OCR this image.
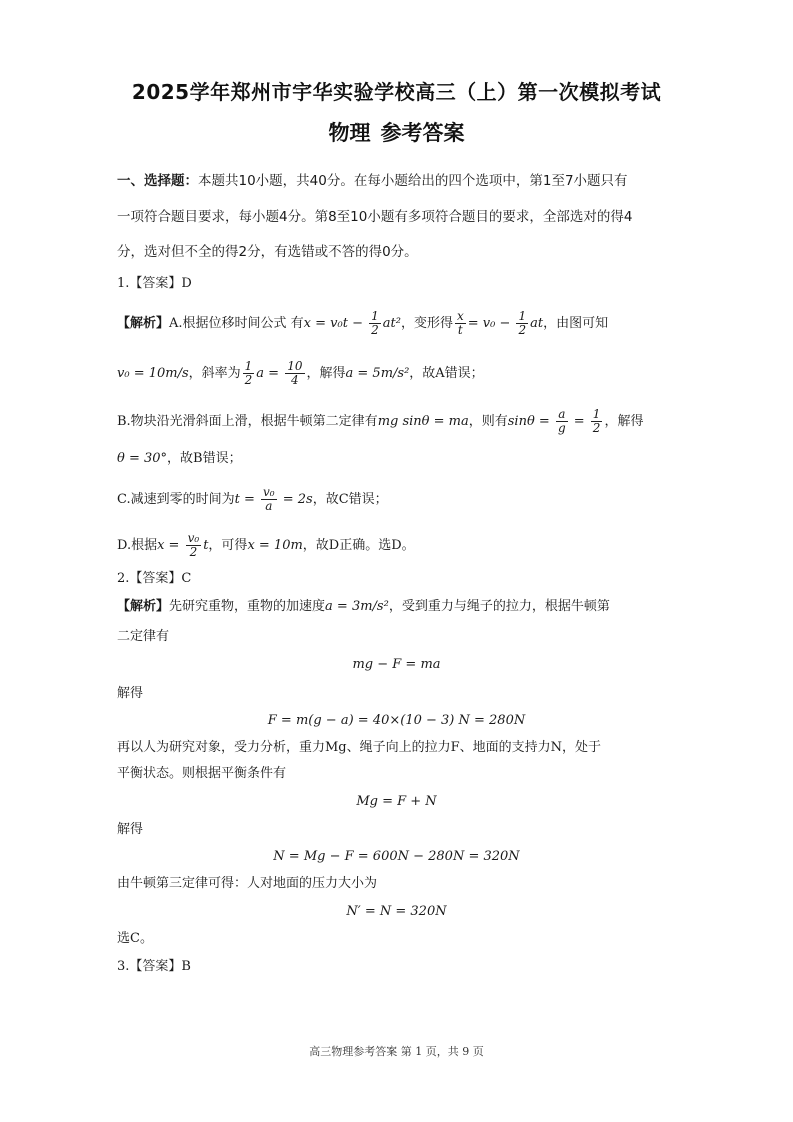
2025学年郑州市宇华实验学校高三（上）第一次模拟考试
物理 参考答案
一、选择题：本题共10小题，共40分。在每小题给出的四个选项中，第1至7小题只有
一项符合题目要求，每小题4分。第8至10小题有多项符合题目的要求，全部选对的得4
分，选对但不全的得2分，有选错或不答的得0分。
1.【答案】D
【解析】A.根据位移时间公式 有$x = v_0t - \frac{1}{2} at^2$，变形得 $\frac{x}{t} = v_0 - \frac{1}{2}$ at，由图可知
v₀ = 10m/s，斜率为 $\frac{1}{2}$ $a = \frac{10}{4}$ ，解得a = 5m/s²，故A错误；
B.物块沿光滑斜面上滑，根据牛顿第二定律有mg sinθ = ma，则有$\sin\theta = \frac{a}{g} = \frac{1}{2}$ ，解得
θ = 30°，故B错误；
C.减速到零的时间为$t = \frac{\text{v₀}}{a} = 2s$，故C错误；
D.根据$x = \frac{\text{v₀}}{2}$ t，可得x = 10m，故D正确。选D。
2.【答案】C
【解析】先研究重物，重物的加速度a = 3m/s²，受到重力与绳子的拉力，根据牛顿第
二定律有
mg − F = ma
解得
F = m(g − a) = 40×(10 − 3) N = 280N
再以人为研究对象，受力分析，重力Mg、绳子向上的拉力F、地面的支持力N，处于
平衡状态。则根据平衡条件有
Mg = F + N
解得
N = Mg − F = 600N − 280N = 320N
由牛顿第三定律可得：人对地面的压力大小为
N′ = N = 320N
选C。
3.【答案】B
高三物理参考答案 第 1 页，共 9 页
